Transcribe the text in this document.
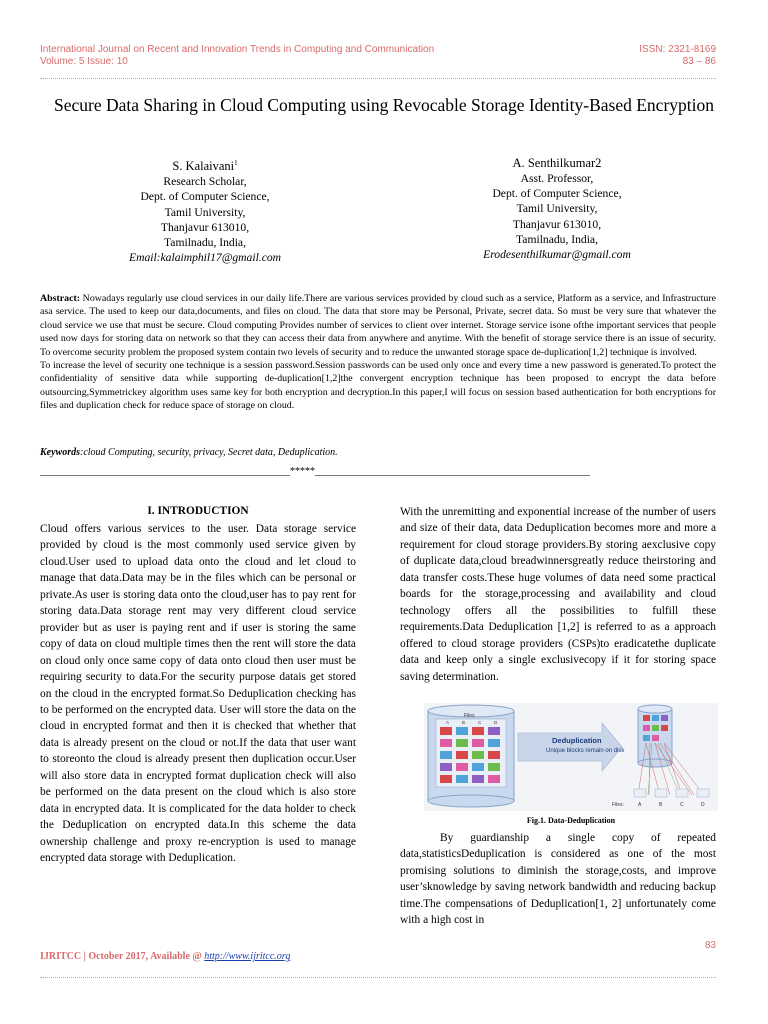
International Journal on Recent and Innovation Trends in Computing and Communication
Volume: 5 Issue: 10
ISSN: 2321-8169
83 – 86
Secure Data Sharing in Cloud Computing using Revocable Storage Identity-Based Encryption
S. Kalaivani$^1$
Research Scholar,
Dept. of Computer Science,
Tamil University,
Thanjavur 613010,
Tamilnadu, India,
Email:kalaimphil17@gmail.com
A. Senthilkumar2
Asst. Professor,
Dept. of Computer Science,
Tamil University,
Thanjavur 613010,
Tamilnadu, India,
Erodesenthilkumar@gmail.com

Abstract: Nowadays regularly use cloud services in our daily life.There are various services provided by cloud such as a service, Platform as a service, and Infrastructure asa service. The used to keep our data,documents, and files on cloud. The data that store may be Personal, Private, secret data. So must be very sure that whatever the cloud service we use that must be secure. Cloud computing Provides number of services to client over internet. Storage service isone ofthe important services that people used now days for storing data on network so that they can access their data from anywhere and anytime. With the benefit of storage service there is an issue of security. To overcome security problem the proposed system contain two levels of security and to reduce the unwanted storage space de-duplication[1,2] technique is involved.

To increase the level of security one technique is a session password.Session passwords can be used only once and every time a new password is generated.To protect the confidentiality of sensitive data while supporting de-duplication[1,2]the convergent encryption technique has been proposed to encrypt the data before outsourcing,Symmetrickey algorithm uses same key for both encryption and decryption.In this paper,I will focus on session based authentication for both encryptions for files and duplication check for reduce space of storage on cloud.

Keywords:cloud Computing, security, privacy, Secret data, Deduplication.
__________________________________________________*****_______________________________________________________
I. INTRODUCTION

Cloud offers various services to the user. Data storage service provided by cloud is the most commonly used service given by cloud.User used to upload data onto the cloud and let cloud to manage that data.Data may be in the files which can be personal or private.As user is storing data onto the cloud,user has to pay rent for storing data.Data storage rent may very different cloud service provider but as user is paying rent and if user is storing the same copy of data on cloud multiple times then the rent will store the data on cloud only once same copy of data onto cloud then user must be requiring security to data.For the security purpose datais get stored on the cloud in the encrypted format.So Deduplication checking has to be performed on the encrypted data. User will store the data on the cloud in encrypted format and then it is checked that whether that data is already present on the cloud or not.If the data that user want to storeonto the cloud is already present then duplication occur.User will also store data in encrypted format duplication check will also be performed on the data present on the cloud which is also store data in encrypted data. It is complicated for the data holder to check the Deduplication on encrypted data.In this scheme the data ownership challenge and proxy re-encryption is used to manage encrypted data storage with Deduplication.

With the unremitting and exponential increase of the number of users and size of their data, data Deduplication becomes more and more a requirement for cloud storage providers.By storing aexclusive copy of duplicate data,cloud breadwinnersgreatly reduce theirstoring and data transfer costs.These huge volumes of data need some practical boards for the storage,processing and availability and cloud technology offers all the possibilities to fulfill these requirements.Data Deduplication [1,2] is referred to as a approach offered to cloud storage providers (CSPs)to eradicatethe duplicate data and keep only a single exclusivecopy if it for storing space saving determination.

Files
A	B	C	D
Deduplication
Unique blocks remain on disk
Files:	A	B	C	D
Fig.1. Data-Deduplication

By guardianship a single copy of repeated data,statisticsDeduplication is considered as one of the most promising solutions to diminish the storage,costs, and improve user’sknowledge by saving network bandwidth and reducing backup time.The compensations of Deduplication[1, 2] unfortunately come with a high cost in

83
IJRITCC | October 2017, Available @ http://www.ijritcc.org
